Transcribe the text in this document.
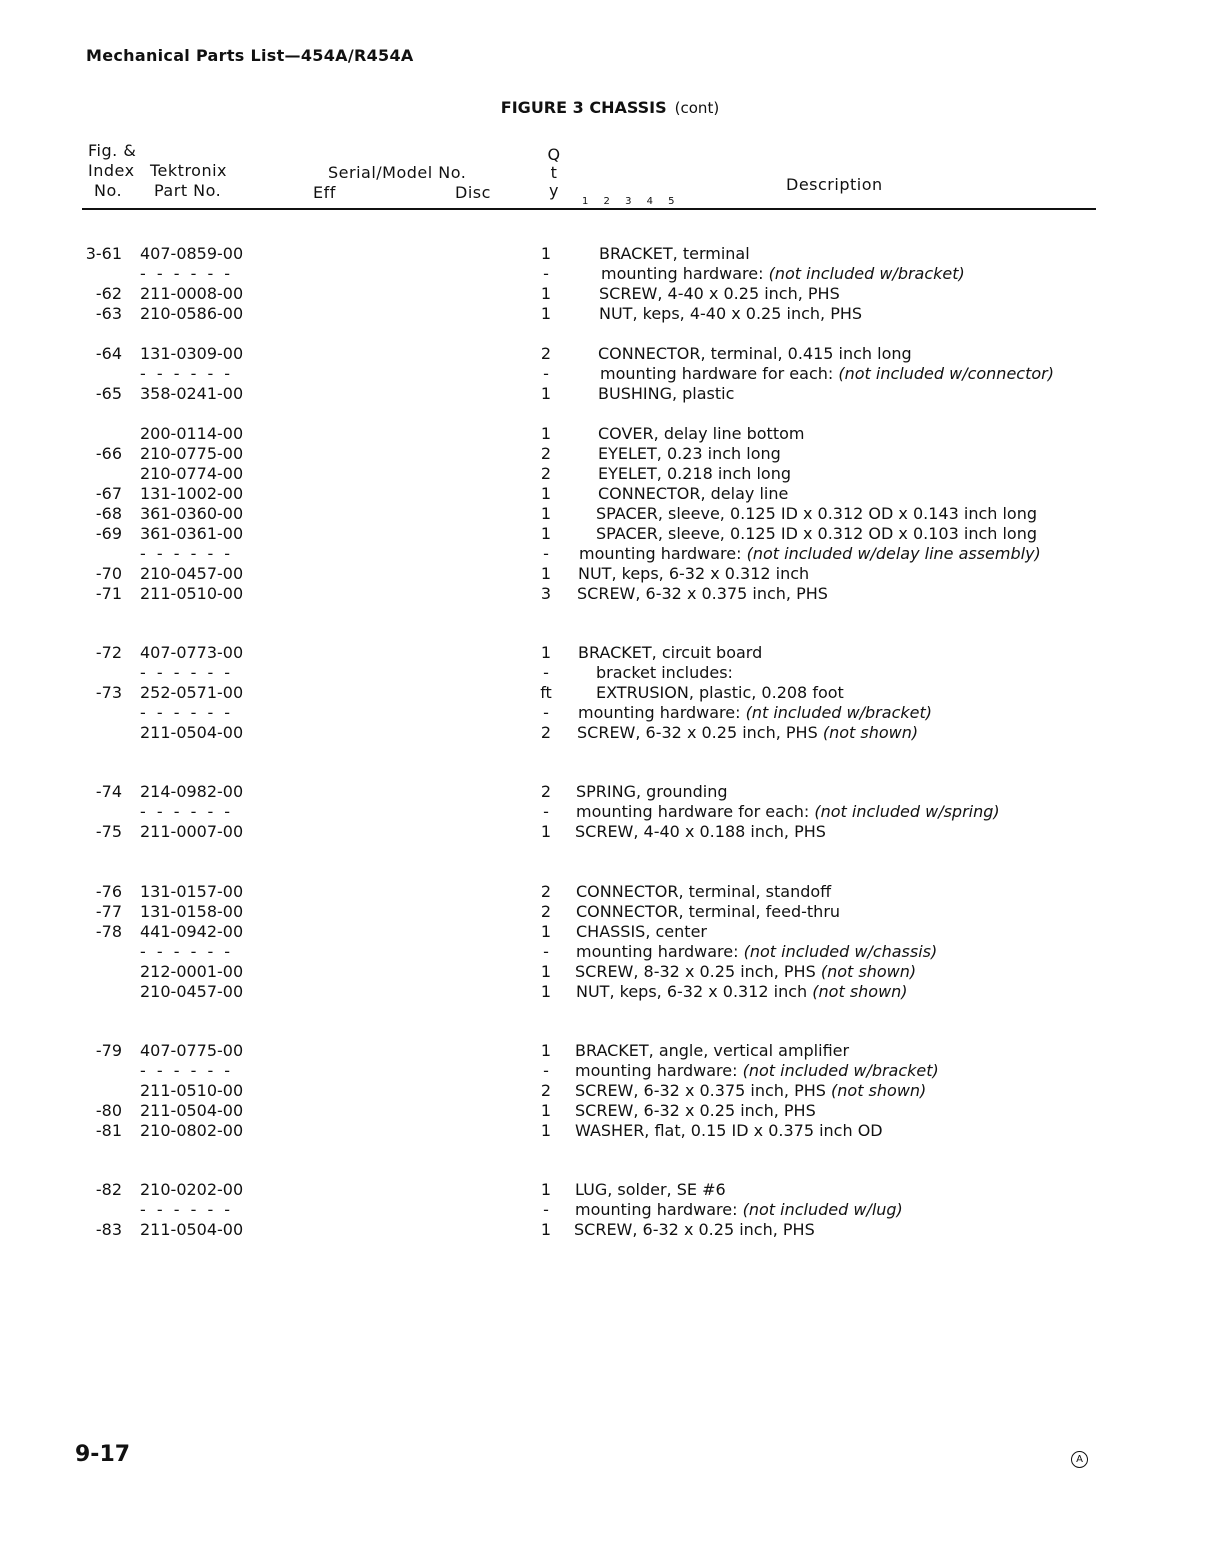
Mechanical Parts List—454A/R454A
FIGURE 3 CHASSIS (cont)
Fig. &
Index
No.
Tektronix
Part No.
Serial/Model No.
Eff	Disc
Q
t
y
1 2 3 4 5
Description
3-61 407-0859-00	1	BRACKET, terminal
- - - - - -	-	mounting hardware: (not included w/bracket)
-62 211-0008-00	1	SCREW, 4-40 x 0.25 inch, PHS
-63 210-0586-00	1	NUT, keps, 4-40 x 0.25 inch, PHS
-64 131-0309-00	2	CONNECTOR, terminal, 0.415 inch long
- - - - - -	-	mounting hardware for each: (not included w/connector)
-65 358-0241-00	1	BUSHING, plastic
200-0114-00	1	COVER, delay line bottom
-66 210-0775-00	2	EYELET, 0.23 inch long
210-0774-00	2	EYELET, 0.218 inch long
-67 131-1002-00	1	CONNECTOR, delay line
-68 361-0360-00	1	SPACER, sleeve, 0.125 ID x 0.312 OD x 0.143 inch long
-69 361-0361-00	1	SPACER, sleeve, 0.125 ID x 0.312 OD x 0.103 inch long
- - - - - -	-	mounting hardware: (not included w/delay line assembly)
-70 210-0457-00	1	NUT, keps, 6-32 x 0.312 inch
-71 211-0510-00	3	SCREW, 6-32 x 0.375 inch, PHS
-72 407-0773-00	1	BRACKET, circuit board
- - - - - -	-	bracket includes:
-73 252-0571-00	ft	EXTRUSION, plastic, 0.208 foot
- - - - - -	-	mounting hardware: (nt included w/bracket)
211-0504-00	2	SCREW, 6-32 x 0.25 inch, PHS (not shown)
-74 214-0982-00	2	SPRING, grounding
- - - - - -	-	mounting hardware for each: (not included w/spring)
-75 211-0007-00	1	SCREW, 4-40 x 0.188 inch, PHS
-76 131-0157-00	2	CONNECTOR, terminal, standoff
-77 131-0158-00	2	CONNECTOR, terminal, feed-thru
-78 441-0942-00	1	CHASSIS, center
- - - - - -	-	mounting hardware: (not included w/chassis)
212-0001-00	1	SCREW, 8-32 x 0.25 inch, PHS (not shown)
210-0457-00	1	NUT, keps, 6-32 x 0.312 inch (not shown)
-79 407-0775-00	1	BRACKET, angle, vertical amplifier
- - - - - -	-	mounting hardware: (not included w/bracket)
211-0510-00	2	SCREW, 6-32 x 0.375 inch, PHS (not shown)
-80 211-0504-00	1	SCREW, 6-32 x 0.25 inch, PHS
-81 210-0802-00	1	WASHER, flat, 0.15 ID x 0.375 inch OD
-82 210-0202-00	1	LUG, solder, SE #6
- - - - - -	-	mounting hardware: (not included w/lug)
-83 211-0504-00	1	SCREW, 6-32 x 0.25 inch, PHS
9-17	A
